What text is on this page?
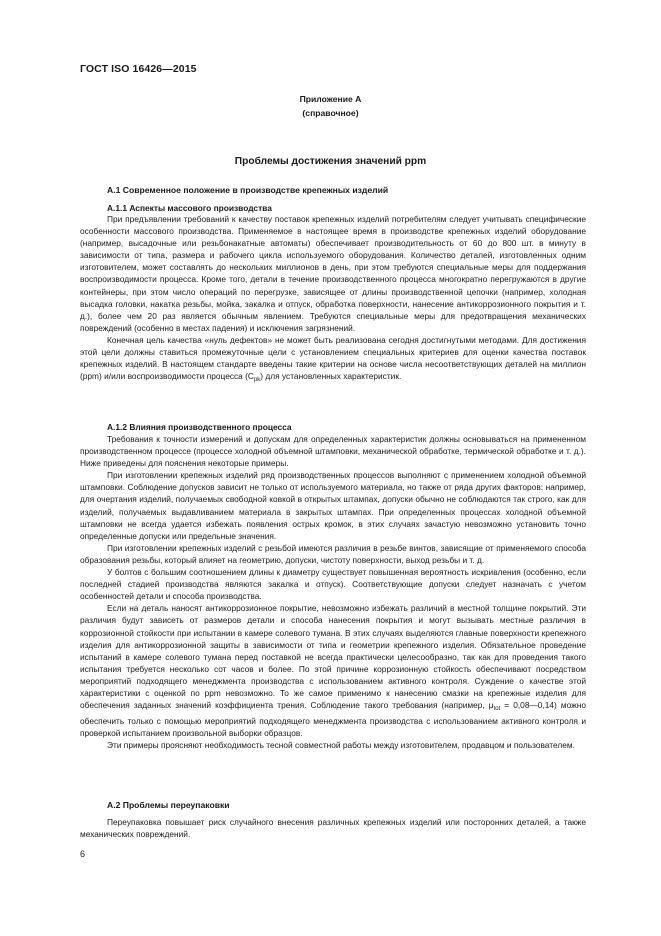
ГОСТ ISO 16426—2015
Приложение А
(справочное)
Проблемы достижения значений ppm
А.1 Современное положение в производстве крепежных изделий
А.1.1 Аспекты массового производства

При предъявлении требований к качеству поставок крепежных изделий потребителям следует учитывать специфические особенности массового производства. Применяемое в настоящее время в производстве крепежных изделий оборудование (например, высадочные или резьбонакатные автоматы) обеспечивает производительность от 60 до 800 шт. в минуту в зависимости от типа, размера и рабочего цикла используемого оборудования. Количество деталей, изготовленных одним изготовителем, может составлять до нескольких миллионов в день, при этом требуются специальные меры для поддержания воспроизводимости процесса. Кроме того, детали в течение производственного процесса многократно перегружаются в другие контейнеры, при этом число операций по перегрузке, зависящее от длины производственной цепочки (например, холодная высадка головки, накатка резьбы, мойка, закалка и отпуск, обработка поверхности, нанесение антикоррозионного покрытия и т. д.), более чем 20 раз является обычным явлением. Требуются специальные меры для предотвращения механических повреждений (особенно в местах падения) и исключения загрязнений.

Конечная цель качества «нуль дефектов» не может быть реализована сегодня достигнутыми методами. Для достижения этой цели должны ставиться промежуточные цели с установлением специальных критериев для оценки качества поставок крепежных изделий. В настоящем стандарте введены такие критерии на основе числа несоответствующих деталей на миллион (ppm) и/или воспроизводимости процесса $(C_{pk})$ для установленных характеристик.

А.1.2 Влияния производственного процесса

Требования к точности измерений и допускам для определенных характеристик должны основываться на примененном производственном процессе (процессе холодной объемной штамповки, механической обработке, термической обработке и т. д.). Ниже приведены для пояснения некоторые примеры.

При изготовлении крепежных изделий ряд производственных процессов выполняют с применением холодной объемной штамповки. Соблюдение допусков зависит не только от используемого материала, но также от ряда других факторов: например, для очертания изделий, получаемых свободной ковкой в открытых штампах, допуски обычно не соблюдаются так строго, как для изделий, получаемых выдавливанием материала в закрытых штампах. При определенных процессах холодной объемной штамповки не всегда удается избежать появления острых кромок, в этих случаях зачастую невозможно установить точно определенные допуски или предельные значения.

При изготовлении крепежных изделий с резьбой имеются различия в резьбе винтов, зависящие от применяемого способа образования резьбы, который влияет на геометрию, допуски, чистоту поверхности, выход резьбы и т. д.

У болтов с большим соотношением длины к диаметру существует повышенная вероятность искривления (особенно, если последней стадией производства являются закалка и отпуск). Соответствующие допуски следует назначать с учетом особенностей детали и способа производства.

Если на деталь наносят антикоррозионное покрытие, невозможно избежать различий в местной толщине покрытий. Эти различия будут зависеть от размеров детали и способа нанесения покрытия и могут вызывать местные различия в коррозионной стойкости при испытании в камере солевого тумана. В этих случаях выделяются главные поверхности крепежного изделия для антикоррозионной защиты в зависимости от типа и геометрии крепежного изделия. Обязательное проведение испытаний в камере солевого тумана перед поставкой не всегда практически целесообразно, так как для проведения такого испытания требуется несколько сот часов и более. По этой причине коррозионную стойкость обеспечивают посредством мероприятий подходящего менеджмента производства с использованием активного контроля. Суждение о качестве этой характеристики с оценкой по ppm невозможно. То же самое применимо к нанесению смазки на крепежные изделия для обеспечения заданных значений коэффициента трения. Соблюдение такого требования (например, $\mu_{tot}$ = 0,08—0,14) можно обеспечить только с помощью мероприятий подходящего менеджмента производства с использованием активного контроля и проверкой испытанием произвольной выборки образцов.

Эти примеры проясняют необходимость тесной совместной работы между изготовителем, продавцом и пользователем.

А.2 Проблемы переупаковки

Переупаковка повышает риск случайного внесения различных крепежных изделий или посторонних деталей, а также механических повреждений.

6
